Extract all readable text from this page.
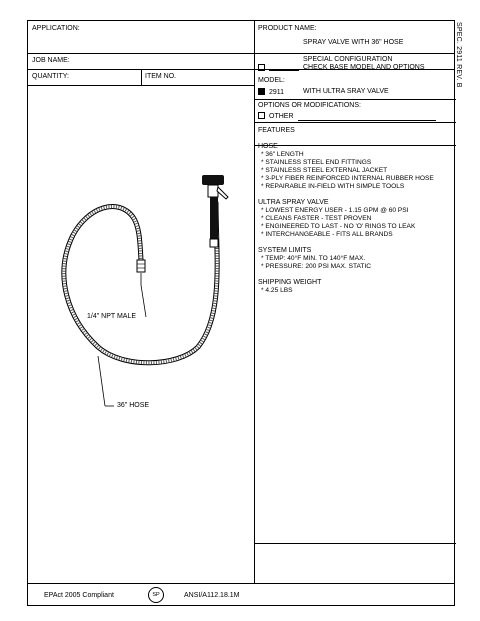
APPLICATION:	PRODUCT NAME:
SPRAY VALVE WITH 36" HOSE
JOB NAME:	SPECIAL CONFIGURATION
CHECK BASE MODEL AND OPTIONS
QUANTITY:	ITEM NO.
MODEL:
2911	WITH ULTRA SRAY VALVE
OPTIONS OR MODIFICATIONS:
OTHER
FEATURES
HOSE
* 36" LENGTH
* STAINLESS STEEL END FITTINGS
* STAINLESS STEEL EXTERNAL JACKET
* 3-PLY FIBER REINFORCED INTERNAL RUBBER HOSE
* REPAIRABLE IN-FIELD WITH SIMPLE TOOLS
ULTRA SPRAY VALVE
* LOWEST ENERGY USER - 1.15 GPM @ 60 PSI
* CLEANS FASTER - TEST PROVEN
* ENGINEERED TO LAST - NO 'O' RINGS TO LEAK
* INTERCHANGEABLE - FITS ALL BRANDS
SYSTEM LIMITS
* TEMP: 40°F MIN. TO 140°F MAX.
* PRESSURE: 200 PSI MAX. STATIC
SHIPPING WEIGHT
* 4.25 LBS
1/4" NPT MALE
36" HOSE
EPAct 2005 Compliant	SP	ANSI/A112.18.1M
SPEC. 2911 REV. B
